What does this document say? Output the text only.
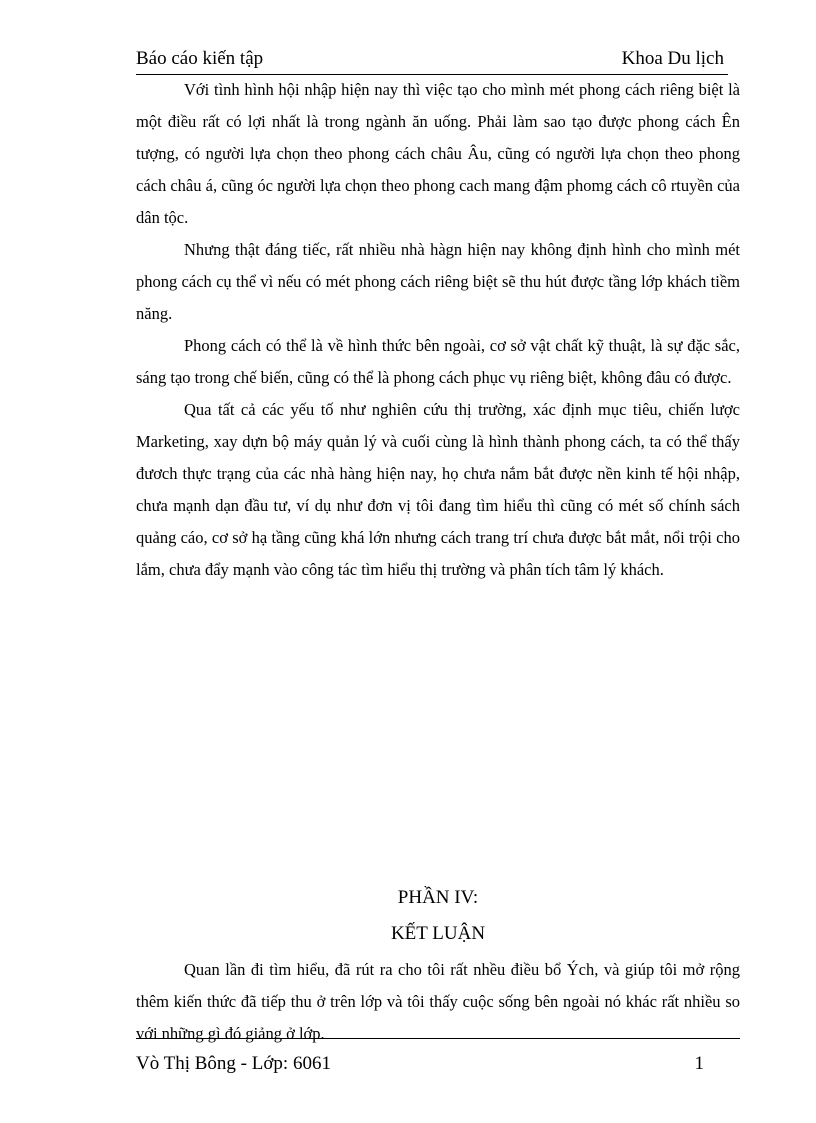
Báo cáo kiến tập	Khoa Du lịch

Với tình hình hội nhập hiện nay thì việc tạo cho mình mét phong cách riêng biệt là một điều rất có lợi nhất là trong ngành ăn uống. Phải làm sao tạo được phong cách Ên tượng, có người lựa chọn theo phong cách châu Âu, cũng có người lựa chọn theo phong cách châu á, cũng óc người lựa chọn theo phong cach mang đậm phomg cách cô rtuyền của dân tộc.

Nhưng thật đáng tiếc, rất nhiều nhà hàgn hiện nay không định hình cho mình mét phong cách cụ thể vì nếu có mét phong cách riêng biệt sẽ thu hút được tầng lớp khách tiềm năng.

Phong cách có thể là về hình thức bên ngoài, cơ sở vật chất kỹ thuật, là sự đặc sắc, sáng tạo trong chế biến, cũng có thể là phong cách phục vụ riêng biệt, không đâu có được.

Qua tất cả các yếu tố như nghiên cứu thị trường, xác định mục tiêu, chiến lược Marketing, xay dựn bộ máy quản lý và cuối cùng là hình thành phong cách, ta có thể thấy đươch thực trạng của các nhà hàng hiện nay, họ chưa nắm bắt được nền kinh tế hội nhập, chưa mạnh dạn đầu tư, ví dụ như đơn vị tôi đang tìm hiểu thì cũng có mét số chính sách quảng cáo, cơ sở hạ tầng cũng khá lớn nhưng cách trang trí chưa được bắt mắt, nổi trội cho lắm, chưa đẩy mạnh vào công tác tìm hiểu thị trường và phân tích tâm lý khách.

PHẦN IV:
KẾT LUẬN

Quan lần đi tìm hiểu, đã rút ra cho tôi rất nhều điều bổ Ých, và giúp tôi mở rộng thêm kiến thức đã tiếp thu ở trên lớp và tôi thấy cuộc sống bên ngoài nó khác rất nhiều so với những gì đó giảng ở lớp.

Vò Thị Bông - Lớp: 6061	1
